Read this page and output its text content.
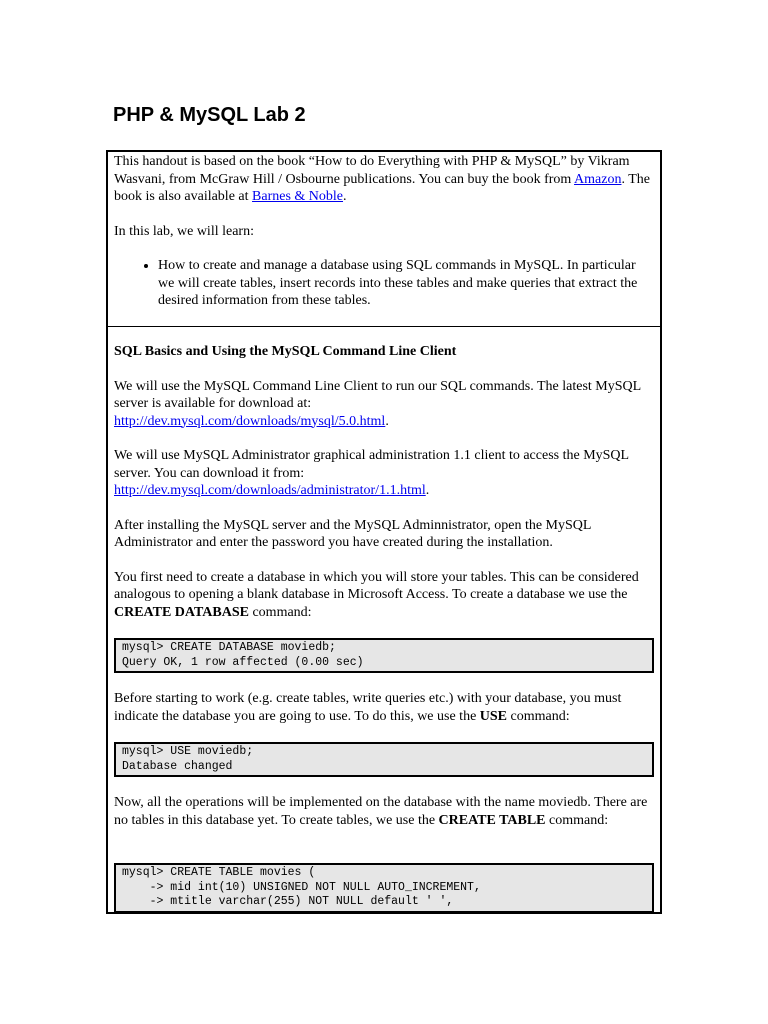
PHP & MySQL Lab 2

This handout is based on the book “How to do Everything with PHP & MySQL” by Vikram Wasvani, from McGraw Hill / Osbourne publications. You can buy the book from Amazon. The book is also available at Barnes & Noble.

In this lab, we will learn:

• How to create and manage a database using SQL commands in MySQL. In particular we will create tables, insert records into these tables and make queries that extract the desired information from these tables.
SQL Basics and Using the MySQL Command Line Client

We will use the MySQL Command Line Client to run our SQL commands. The latest MySQL server is available for download at:
http://dev.mysql.com/downloads/mysql/5.0.html.

We will use MySQL Administrator graphical administration 1.1 client to access the MySQL server. You can download it from:
http://dev.mysql.com/downloads/administrator/1.1.html.

After installing the MySQL server and the MySQL Adminnistrator, open the MySQL Administrator and enter the password you have created during the installation.

You first need to create a database in which you will store your tables. This can be considered analogous to opening a blank database in Microsoft Access. To create a database we use the CREATE DATABASE command:

mysql> CREATE DATABASE moviedb;
Query OK, 1 row affected (0.00 sec)

Before starting to work (e.g. create tables, write queries etc.) with your database, you must indicate the database you are going to use. To do this, we use the USE command:

mysql> USE moviedb;
Database changed

Now, all the operations will be implemented on the database with the name moviedb. There are no tables in this database yet. To create tables, we use the CREATE TABLE command:

mysql> CREATE TABLE movies (
-> mid int(10) UNSIGNED NOT NULL AUTO_INCREMENT,
-> mtitle varchar(255) NOT NULL default ' ',
